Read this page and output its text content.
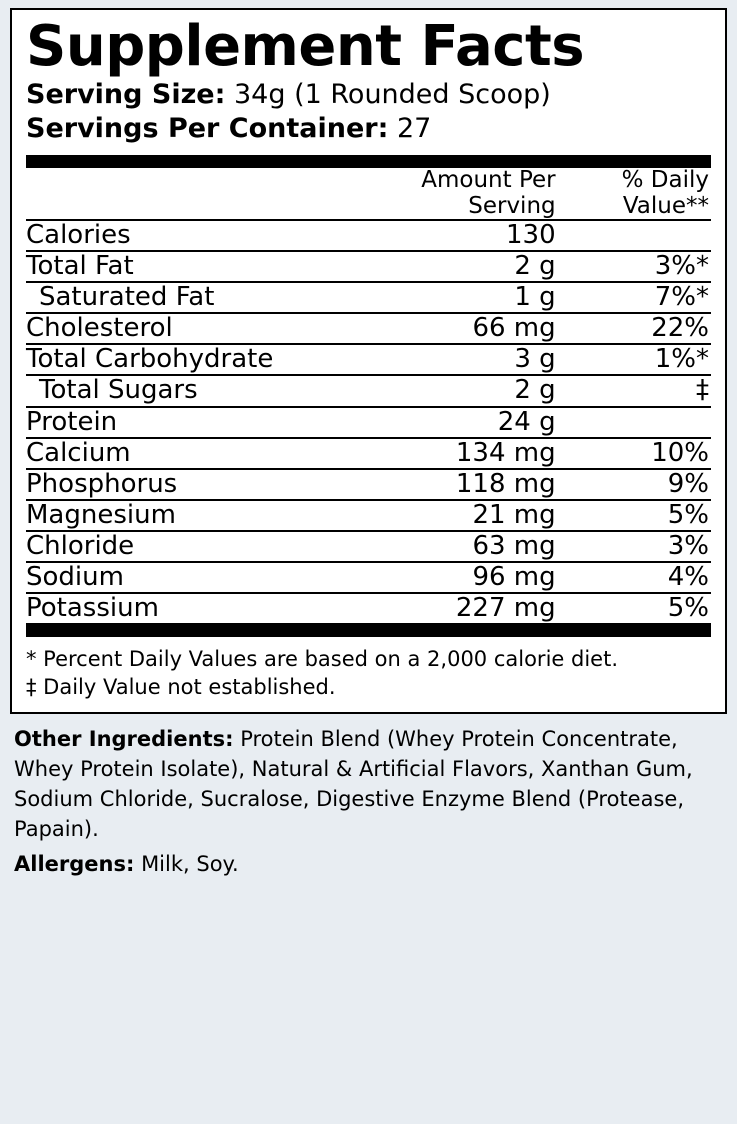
Supplement Facts
Serving Size: 34g (1 Rounded Scoop)
Servings Per Container: 27
	Amount Per Serving	% Daily Value**
Calories	130	
Total Fat	2 g	3%*
Saturated Fat	1 g	7%*
Cholesterol	66 mg	22%
Total Carbohydrate	3 g	1%*
Total Sugars	2 g	‡
Protein	24 g	
Calcium	134 mg	10%
Phosphorus	118 mg	9%
Magnesium	21 mg	5%
Chloride	63 mg	3%
Sodium	96 mg	4%
Potassium	227 mg	5%
* Percent Daily Values are based on a 2,000 calorie diet.
‡ Daily Value not established.
Other Ingredients: Protein Blend (Whey Protein Concentrate, Whey Protein Isolate), Natural & Artificial Flavors, Xanthan Gum, Sodium Chloride, Sucralose, Digestive Enzyme Blend (Protease, Papain).
Allergens: Milk, Soy.
